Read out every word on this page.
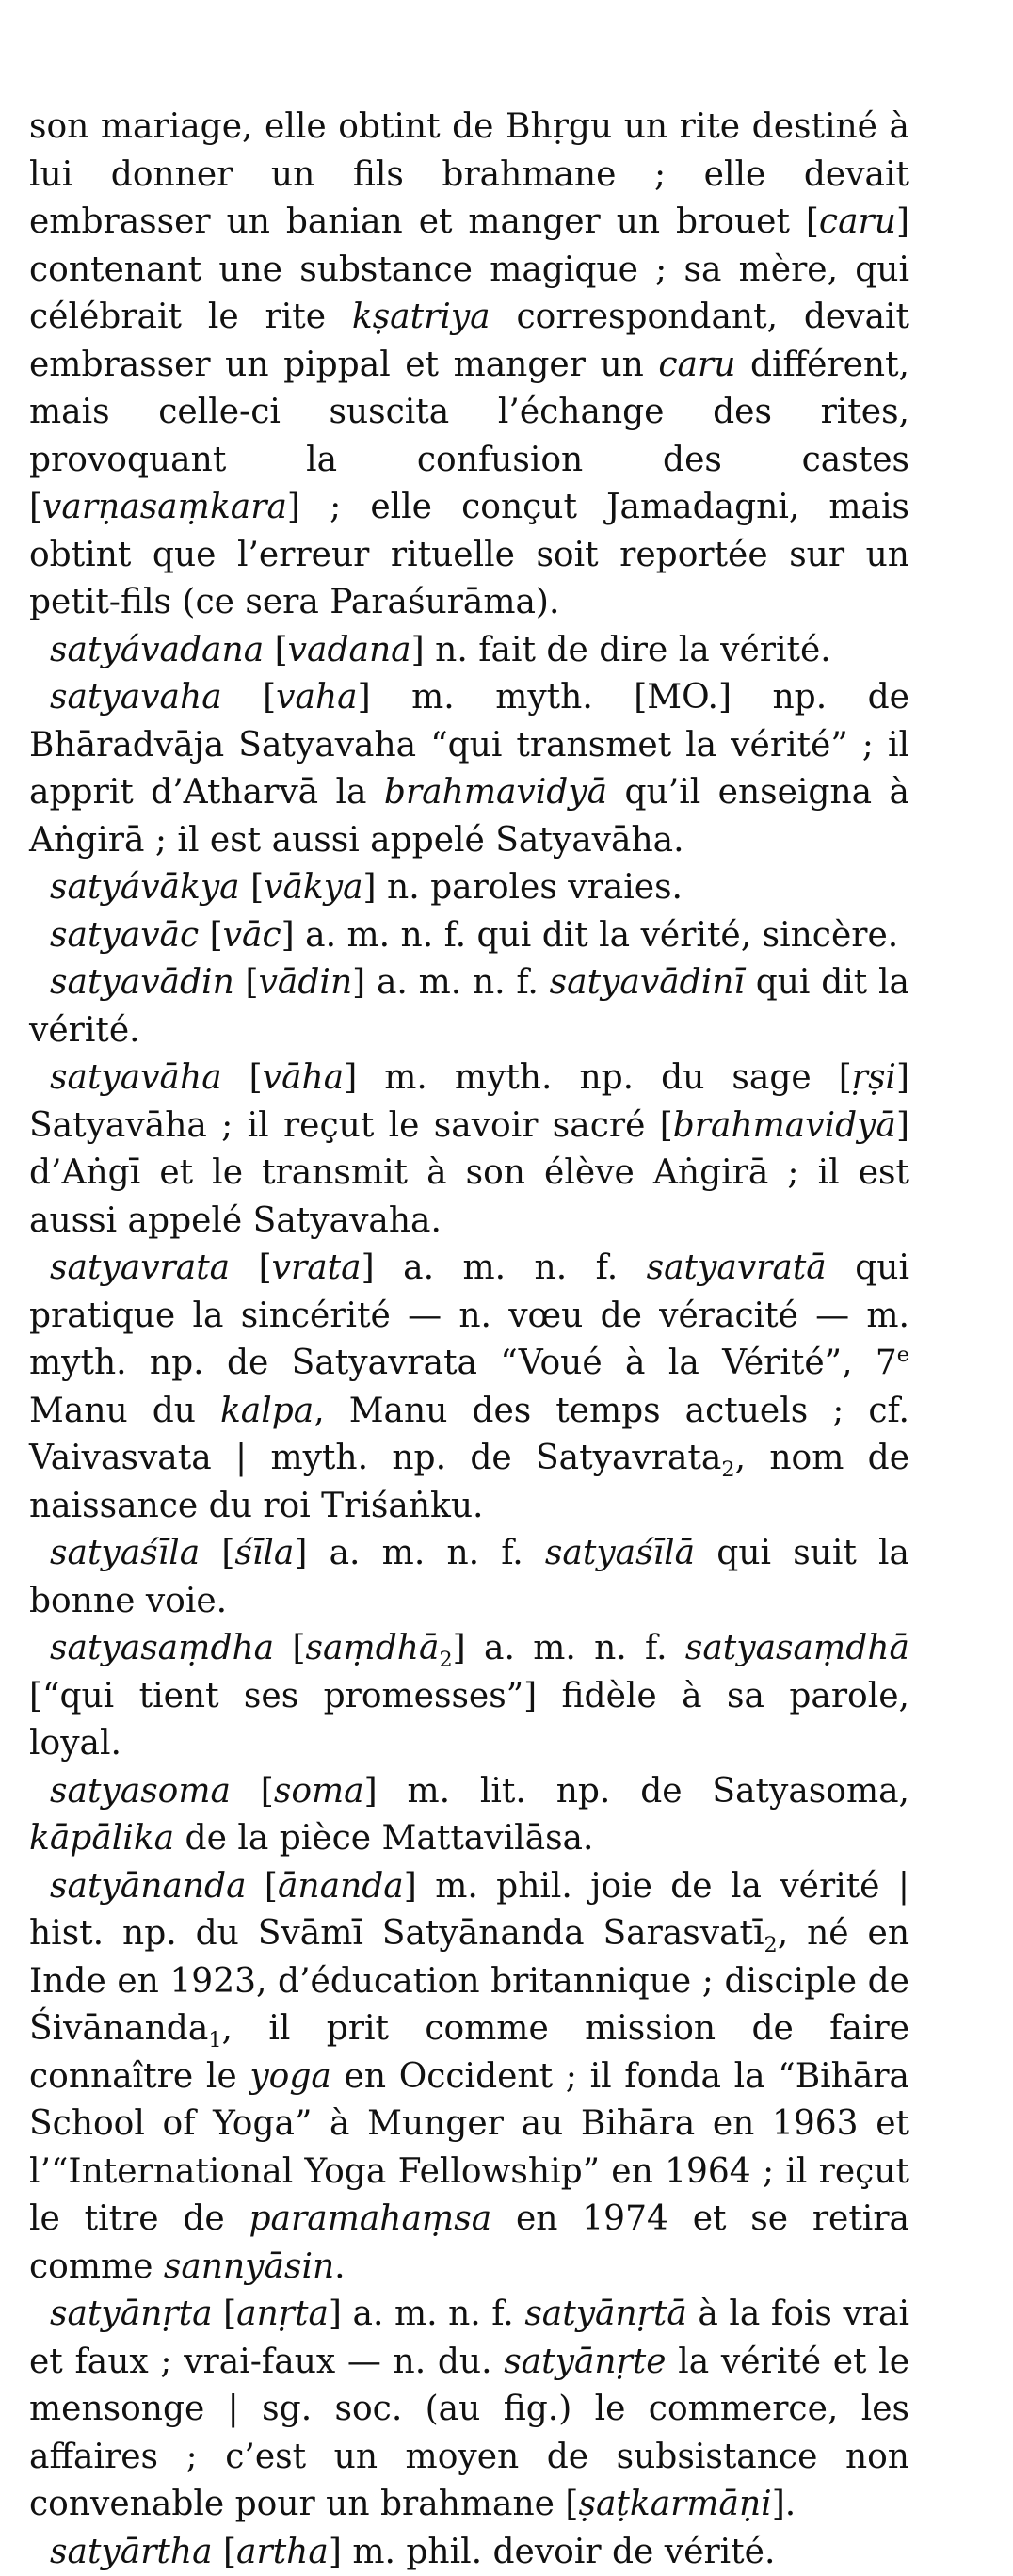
son mariage, elle obtint de Bhṛgu un rite destiné à lui donner un fils brahmane ; elle devait embrasser un banian et manger un brouet [caru] contenant une substance magique ; sa mère, qui célébrait le rite kṣatriya correspondant, devait embrasser un pippal et manger un caru différent, mais celle-ci suscita l’échange des rites, provoquant la confusion des castes [varṇasaṃkara] ; elle conçut Jamadagni, mais obtint que l’erreur rituelle soit reportée sur un petit-fils (ce sera Paraśurāma).
satyávadana [vadana] n. fait de dire la vérité.
satyavaha [vaha] m. myth. [MO.] np. de Bhāradvāja Satyavaha “qui transmet la vérité” ; il apprit d’Atharvā la brahmavidyā qu’il enseigna à Aṅgirā ; il est aussi appelé Satyavāha.
satyávākya [vākya] n. paroles vraies.
satyavāc [vāc] a. m. n. f. qui dit la vérité, sincère.
satyavādin [vādin] a. m. n. f. satyavādinī qui dit la vérité.
satyavāha [vāha] m. myth. np. du sage [ṛṣi] Satyavāha ; il reçut le savoir sacré [brahmavidyā] d’Aṅgī et le transmit à son élève Aṅgirā ; il est aussi appelé Satyavaha.
satyavrata [vrata] a. m. n. f. satyavratā qui pratique la sincérité — n. vœu de véracité — m. myth. np. de Satyavrata “Voué à la Vérité”, 7e Manu du kalpa, Manu des temps actuels ; cf. Vaivasvata | myth. np. de Satyavrata$_2$, nom de naissance du roi Triśaṅku.
satyaśīla [śīla] a. m. n. f. satyaśīlā qui suit la bonne voie.
satyasaṃdha [saṃdhā$_2$] a. m. n. f. satyasaṃdhā [“qui tient ses promesses”] fidèle à sa parole, loyal.
satyasoma [soma] m. lit. np. de Satyasoma, kāpālika de la pièce Mattavilāsa.
satyānanda [ānanda] m. phil. joie de la vérité | hist. np. du Svāmī Satyānanda Sarasvatī$_2$, né en Inde en 1923, d’éducation britannique ; disciple de Śivānanda$_1$, il prit comme mission de faire connaître le yoga en Occident ; il fonda la “Bihāra School of Yoga” à Munger au Bihāra en 1963 et l’“International Yoga Fellowship” en 1964 ; il reçut le titre de paramahaṃsa en 1974 et se retira comme sannyāsin.
satyānṛta [anṛta] a. m. n. f. satyānṛtā à la fois vrai et faux ; vrai-faux — n. du. satyānṛte la vérité et le mensonge | sg. soc. (au fig.) le commerce, les affaires ; c’est un moyen de subsistance non convenable pour un brahmane [ṣaṭkarmāṇi].
satyārtha [artha] m. phil. devoir de vérité.
